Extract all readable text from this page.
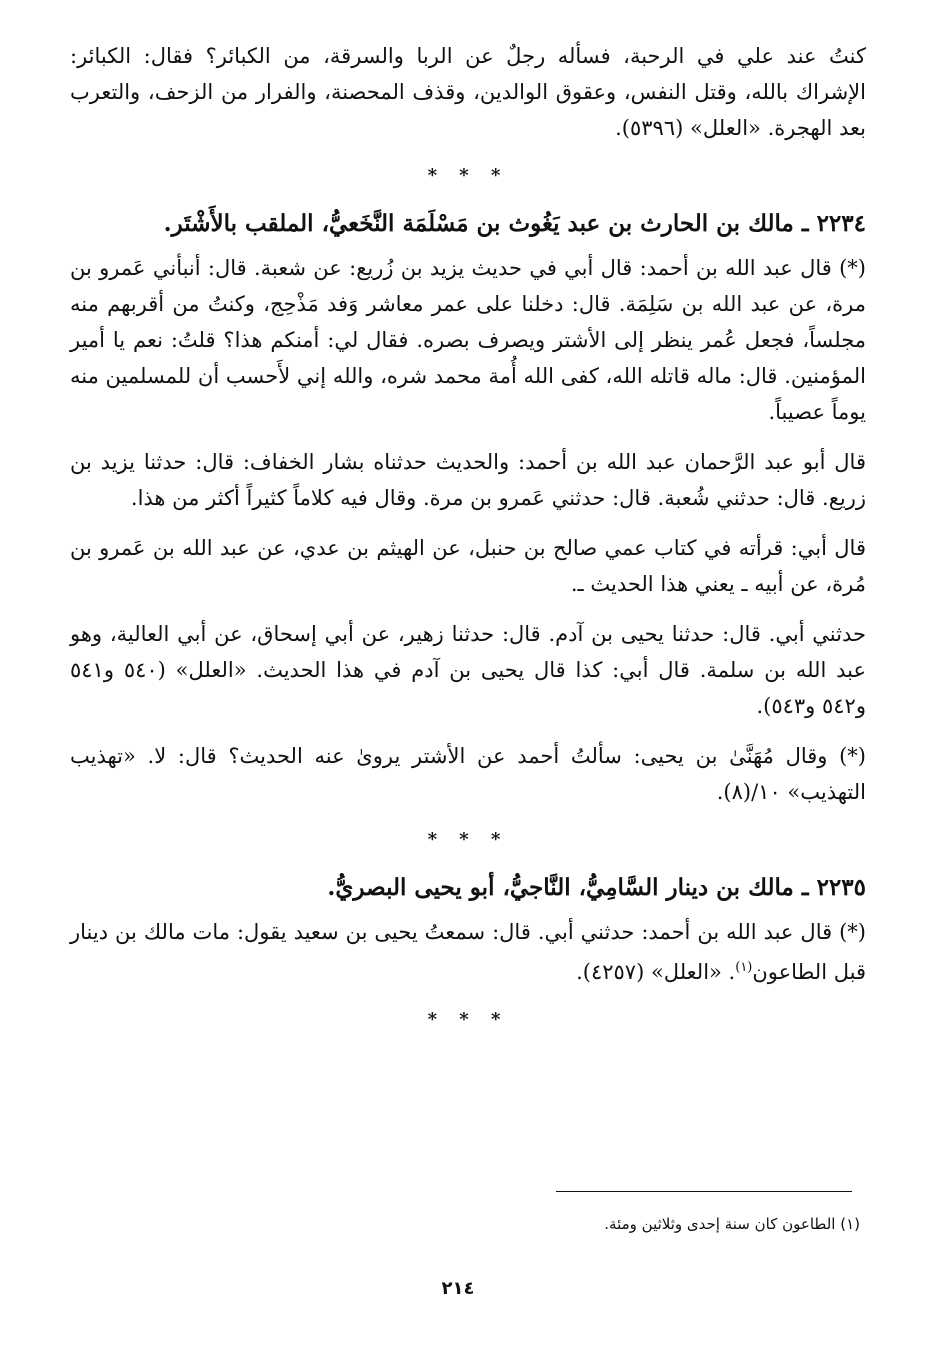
كنتُ عند علي في الرحبة، فسأله رجلٌ عن الربا والسرقة، من الكبائر؟ فقال: الكبائر: الإشراك بالله، وقتل النفس، وعقوق الوالدين، وقذف المحصنة، والفرار من الزحف، والتعرب بعد الهجرة. «العلل» (٥٣٩٦).

* * *
٢٢٣٤ ـ مالك بن الحارث بن عبد يَغُوث بن مَسْلَمَة النَّخَعيُّ، الملقب بالأَشْتَر.

(*) قال عبد الله بن أحمد: قال أبي في حديث يزيد بن زُريع: عن شعبة. قال: أنبأني عَمرو بن مرة، عن عبد الله بن سَلِمَة. قال: دخلنا على عمر معاشر وَفد مَذْحِج، وكنتُ من أقربهم منه مجلساً، فجعل عُمر ينظر إلى الأشتر ويصرف بصره. فقال لي: أمنكم هذا؟ قلتُ: نعم يا أمير المؤمنين. قال: ماله قاتله الله، كفى الله أُمة محمد شره، والله إني لأَحسب أن للمسلمين منه يوماً عصيباً.

قال أبو عبد الرَّحمان عبد الله بن أحمد: والحديث حدثناه بشار الخفاف: قال: حدثنا يزيد بن زريع. قال: حدثني شُعبة. قال: حدثني عَمرو بن مرة. وقال فيه كلاماً كثيراً أكثر من هذا.

قال أبي: قرأته في كتاب عمي صالح بن حنبل، عن الهيثم بن عدي، عن عبد الله بن عَمرو بن مُرة، عن أبيه ـ يعني هذا الحديث ـ.

حدثني أبي. قال: حدثنا يحيى بن آدم. قال: حدثنا زهير، عن أبي إسحاق، عن أبي العالية، وهو عبد الله بن سلمة. قال أبي: كذا قال يحيى بن آدم في هذا الحديث. «العلل» (٥٤٠ و٥٤١ و٥٤٢ و٥٤٣).

(*) وقال مُهَنَّىٰ بن يحيى: سألتُ أحمد عن الأشتر يروىٰ عنه الحديث؟ قال: لا. «تهذيب التهذيب» ١٠/(٨).

* * *
٢٢٣٥ ـ مالك بن دينار السَّامِيُّ، النَّاجيُّ، أبو يحيى البصريُّ.

(*) قال عبد الله بن أحمد: حدثني أبي. قال: سمعتُ يحيى بن سعيد يقول: مات مالك بن دينار قبل الطاعون$^{(١)}$. «العلل» (٤٢٥٧).

* * *
(١) الطاعون كان سنة إحدى وثلاثين ومئة.
٢١٤
